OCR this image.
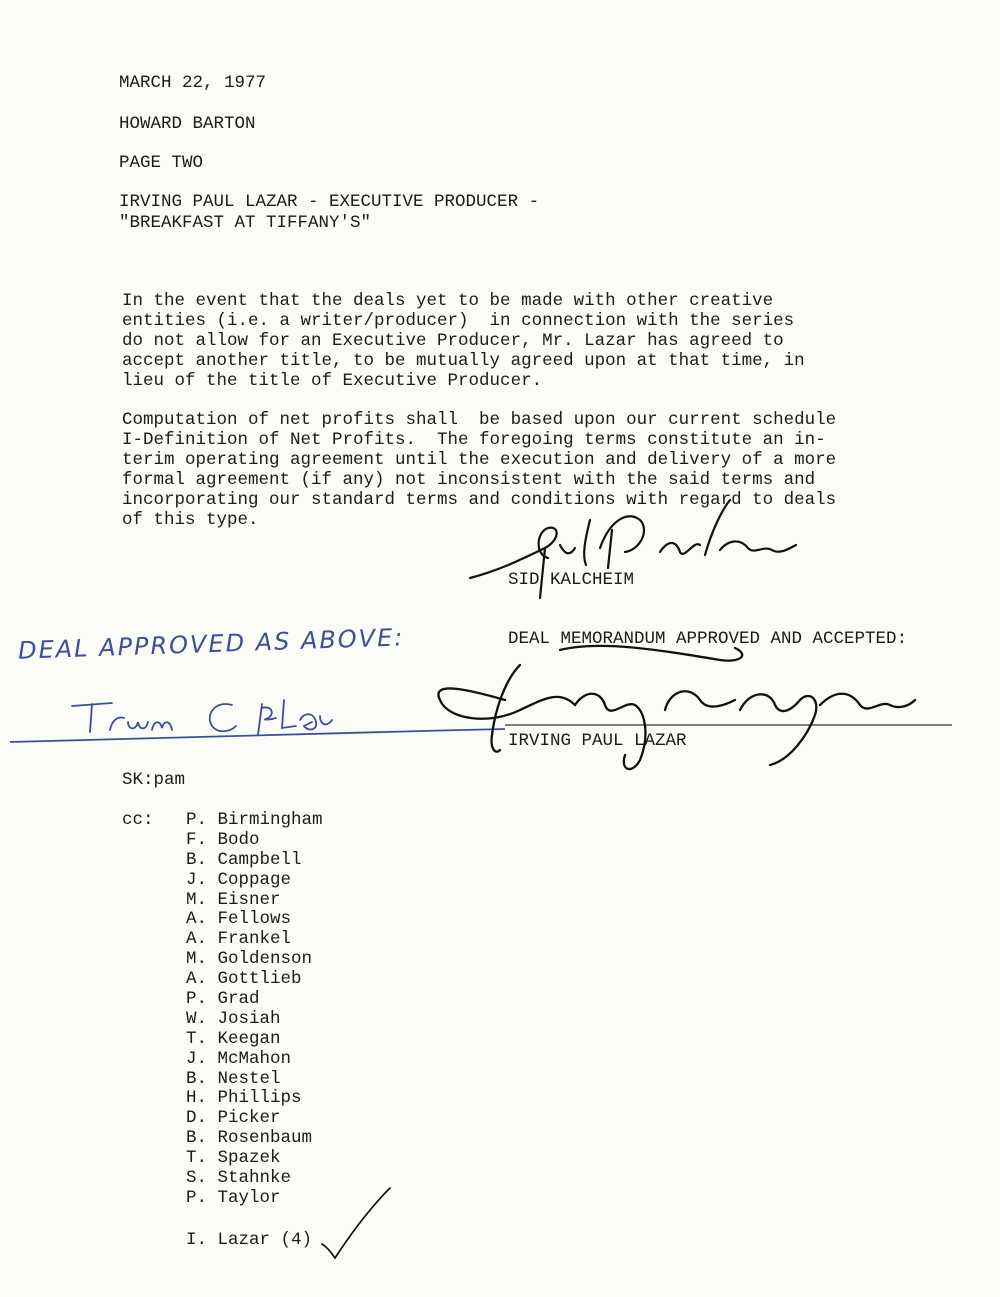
MARCH 22, 1977
HOWARD BARTON
PAGE TWO
IRVING PAUL LAZAR - EXECUTIVE PRODUCER -
"BREAKFAST AT TIFFANY'S"
In the event that the deals yet to be made with other creative
entities (i.e. a writer/producer)  in connection with the series
do not allow for an Executive Producer, Mr. Lazar has agreed to
accept another title, to be mutually agreed upon at that time, in
lieu of the title of Executive Producer.
Computation of net profits shall  be based upon our current schedule
I-Definition of Net Profits.  The foregoing terms constitute an in-
terim operating agreement until the execution and delivery of a more
formal agreement (if any) not inconsistent with the said terms and
incorporating our standard terms and conditions with regard to deals
of this type.
SID KALCHEIM
DEAL MEMORANDUM APPROVED AND ACCEPTED:
IRVING PAUL LAZAR
DEAL APPROVED AS ABOVE:
SK:pam
cc: P. Birmingham
F. Bodo
B. Campbell
J. Coppage
M. Eisner
A. Fellows
A. Frankel
M. Goldenson
A. Gottlieb
P. Grad
W. Josiah
T. Keegan
J. McMahon
B. Nestel
H. Phillips
D. Picker
B. Rosenbaum
T. Spazek
S. Stahnke
P. Taylor
I. Lazar (4)
